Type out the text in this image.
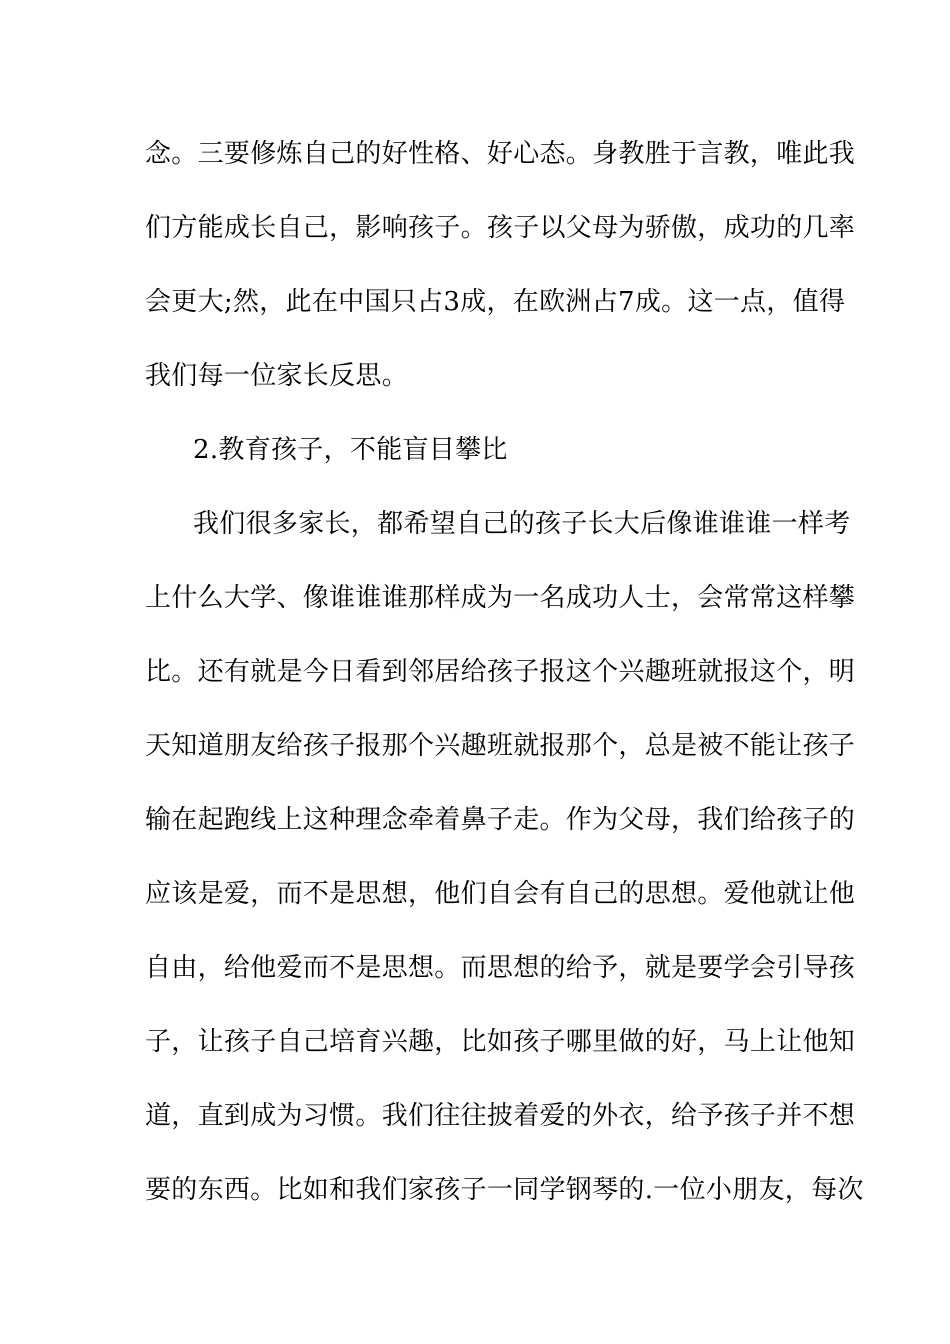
念。三要修炼自己的好性格、好心态。身教胜于言教，唯此我
们方能成长自己，影响孩子。孩子以父母为骄傲，成功的几率
会更大;然，此在中国只占3成，在欧洲占7成。这一点，值得
我们每一位家长反思。
2.教育孩子，不能盲目攀比
我们很多家长，都希望自己的孩子长大后像谁谁谁一样考
上什么大学、像谁谁谁那样成为一名成功人士，会常常这样攀
比。还有就是今日看到邻居给孩子报这个兴趣班就报这个，明
天知道朋友给孩子报那个兴趣班就报那个，总是被不能让孩子
输在起跑线上这种理念牵着鼻子走。作为父母，我们给孩子的
应该是爱，而不是思想，他们自会有自己的思想。爱他就让他
自由，给他爱而不是思想。而思想的给予，就是要学会引导孩
子，让孩子自己培育兴趣，比如孩子哪里做的好，马上让他知
道，直到成为习惯。我们往往披着爱的外衣，给予孩子并不想
要的东西。比如和我们家孩子一同学钢琴的.一位小朋友，每次
